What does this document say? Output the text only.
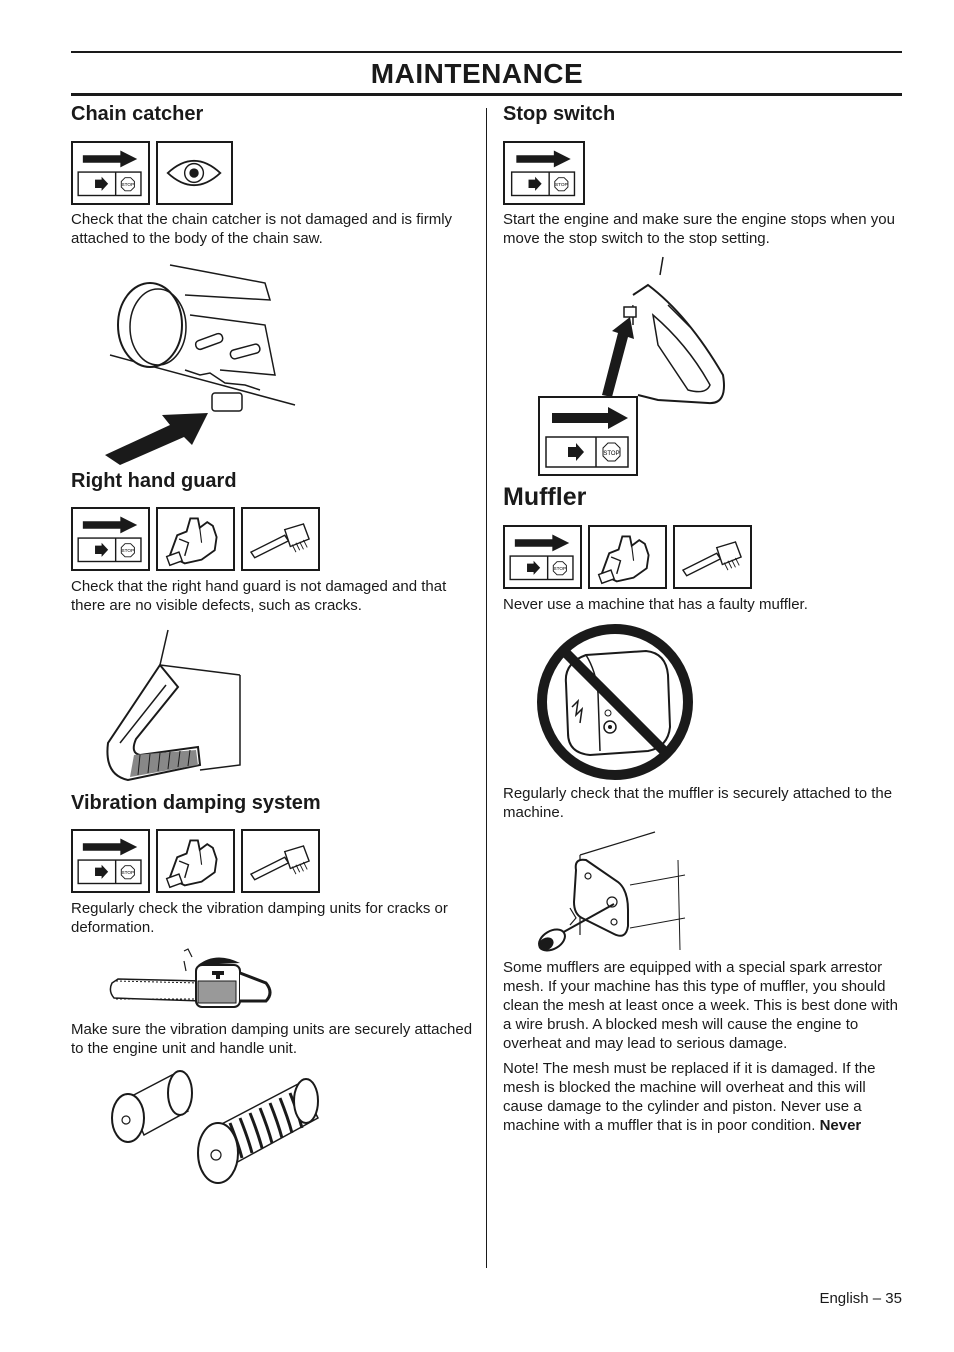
MAINTENANCE
Chain catcher
STOP

Check that the chain catcher is not damaged and is firmly attached to the body of the chain saw.

Right hand guard
STOP

Check that the right hand guard is not damaged and that there are no visible defects, such as cracks.

Vibration damping system
STOP

Regularly check the vibration damping units for cracks or deformation.

Make sure the vibration damping units are securely attached to the engine unit and handle unit.

Stop switch
STOP

Start the engine and make sure the engine stops when you move the stop switch to the stop setting.

STOP
Muffler
STOP

Never use a machine that has a faulty muffler.

Regularly check that the muffler is securely attached to the machine.

Some mufflers are equipped with a special spark arrestor mesh. If your machine has this type of muffler, you should clean the mesh at least once a week. This is best done with a wire brush. A blocked mesh will cause the engine to overheat and may lead to serious damage.

Note! The mesh must be replaced if it is damaged. If the mesh is blocked the machine will overheat and this will cause damage to the cylinder and piston. Never use a machine with a muffler that is in poor condition. Never

English – 35
